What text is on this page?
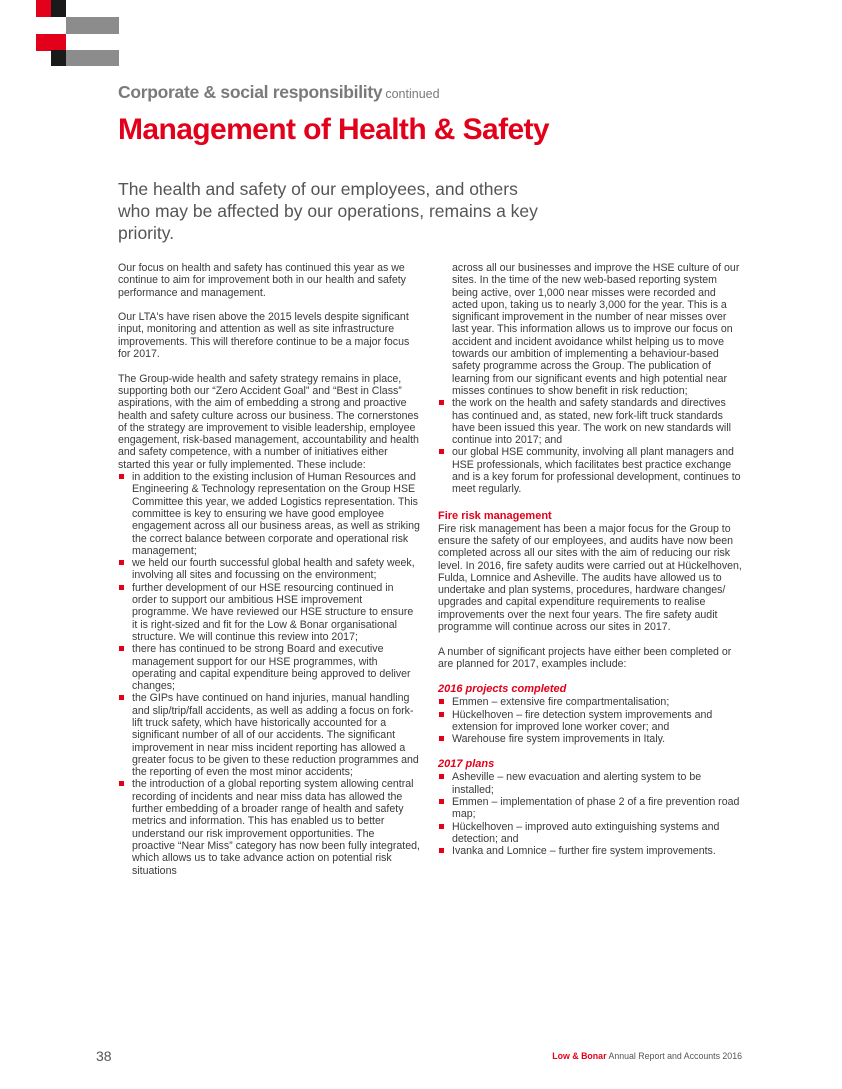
Corporate & social responsibility continued
Management of Health & Safety

The health and safety of our employees, and others who may be affected by our operations, remains a key priority.

Our focus on health and safety has continued this year as we continue to aim for improvement both in our health and safety performance and management.

Our LTA's have risen above the 2015 levels despite significant input, monitoring and attention as well as site infrastructure improvements. This will therefore continue to be a major focus for 2017.

The Group-wide health and safety strategy remains in place, supporting both our “Zero Accident Goal” and “Best in Class” aspirations, with the aim of embedding a strong and proactive health and safety culture across our business. The cornerstones of the strategy are improvement to visible leadership, employee engagement, risk-based management, accountability and health and safety competence, with a number of initiatives either started this year or fully implemented. These include:

in addition to the existing inclusion of Human Resources and Engineering & Technology representation on the Group HSE Committee this year, we added Logistics representation. This committee is key to ensuring we have good employee engagement across all our business areas, as well as striking the correct balance between corporate and operational risk management;
we held our fourth successful global health and safety week, involving all sites and focussing on the environment;
further development of our HSE resourcing continued in order to support our ambitious HSE improvement programme. We have reviewed our HSE structure to ensure it is right-sized and fit for the Low & Bonar organisational structure. We will continue this review into 2017;
there has continued to be strong Board and executive management support for our HSE programmes, with operating and capital expenditure being approved to deliver changes;
the GIPs have continued on hand injuries, manual handling and slip/trip/fall accidents, as well as adding a focus on fork-lift truck safety, which have historically accounted for a significant number of all of our accidents. The significant improvement in near miss incident reporting has allowed a greater focus to be given to these reduction programmes and the reporting of even the most minor accidents;
the introduction of a global reporting system allowing central recording of incidents and near miss data has allowed the further embedding of a broader range of health and safety metrics and information. This has enabled us to better understand our risk improvement opportunities. The proactive “Near Miss” category has now been fully integrated, which allows us to take advance action on potential risk situations

across all our businesses and improve the HSE culture of our sites. In the time of the new web-based reporting system being active, over 1,000 near misses were recorded and acted upon, taking us to nearly 3,000 for the year. This is a significant improvement in the number of near misses over last year. This information allows us to improve our focus on accident and incident avoidance whilst helping us to move towards our ambition of implementing a behaviour-based safety programme across the Group. The publication of learning from our significant events and high potential near misses continues to show benefit in risk reduction;

the work on the health and safety standards and directives has continued and, as stated, new fork-lift truck standards have been issued this year. The work on new standards will continue into 2017; and
our global HSE community, involving all plant managers and HSE professionals, which facilitates best practice exchange and is a key forum for professional development, continues to meet regularly.
Fire risk management

Fire risk management has been a major focus for the Group to ensure the safety of our employees, and audits have now been completed across all our sites with the aim of reducing our risk level. In 2016, fire safety audits were carried out at Hückelhoven, Fulda, Lomnice and Asheville. The audits have allowed us to undertake and plan systems, procedures, hardware changes/ upgrades and capital expenditure requirements to realise improvements over the next four years. The fire safety audit programme will continue across our sites in 2017.

A number of significant projects have either been completed or are planned for 2017, examples include:

2016 projects completed
Emmen – extensive fire compartmentalisation;
Hückelhoven – fire detection system improvements and extension for improved lone worker cover; and
Warehouse fire system improvements in Italy.
2017 plans
Asheville – new evacuation and alerting system to be installed;
Emmen – implementation of phase 2 of a fire prevention road map;
Hückelhoven – improved auto extinguishing systems and detection; and
Ivanka and Lomnice – further fire system improvements.
38	Low & Bonar Annual Report and Accounts 2016
